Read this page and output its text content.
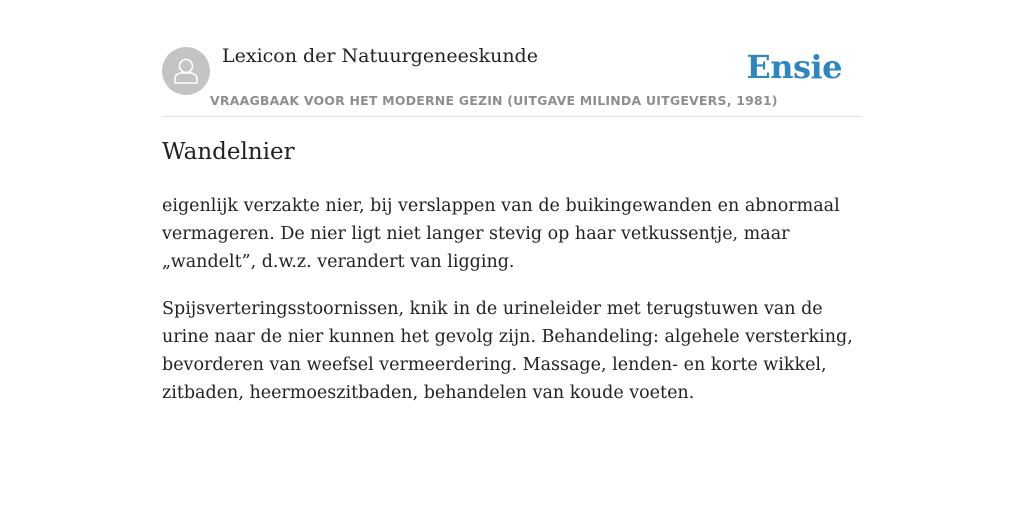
Lexicon der Natuurgeneeskunde
VRAAGBAAK VOOR HET MODERNE GEZIN (UITGAVE MILINDA UITGEVERS, 1981)
Ensie
Wandelnier

eigenlijk verzakte nier, bij verslappen van de buikingewanden en abnormaal vermageren. De nier ligt niet langer stevig op haar vetkussentje, maar „wandelt”, d.w.z. verandert van ligging.

Spijsverteringsstoornissen, knik in de urineleider met terugstuwen van de urine naar de nier kunnen het gevolg zijn. Behandeling: algehele versterking, bevorderen van weefsel vermeerdering. Massage, lenden- en korte wikkel, zitbaden, heermoeszitbaden, behandelen van koude voeten.
